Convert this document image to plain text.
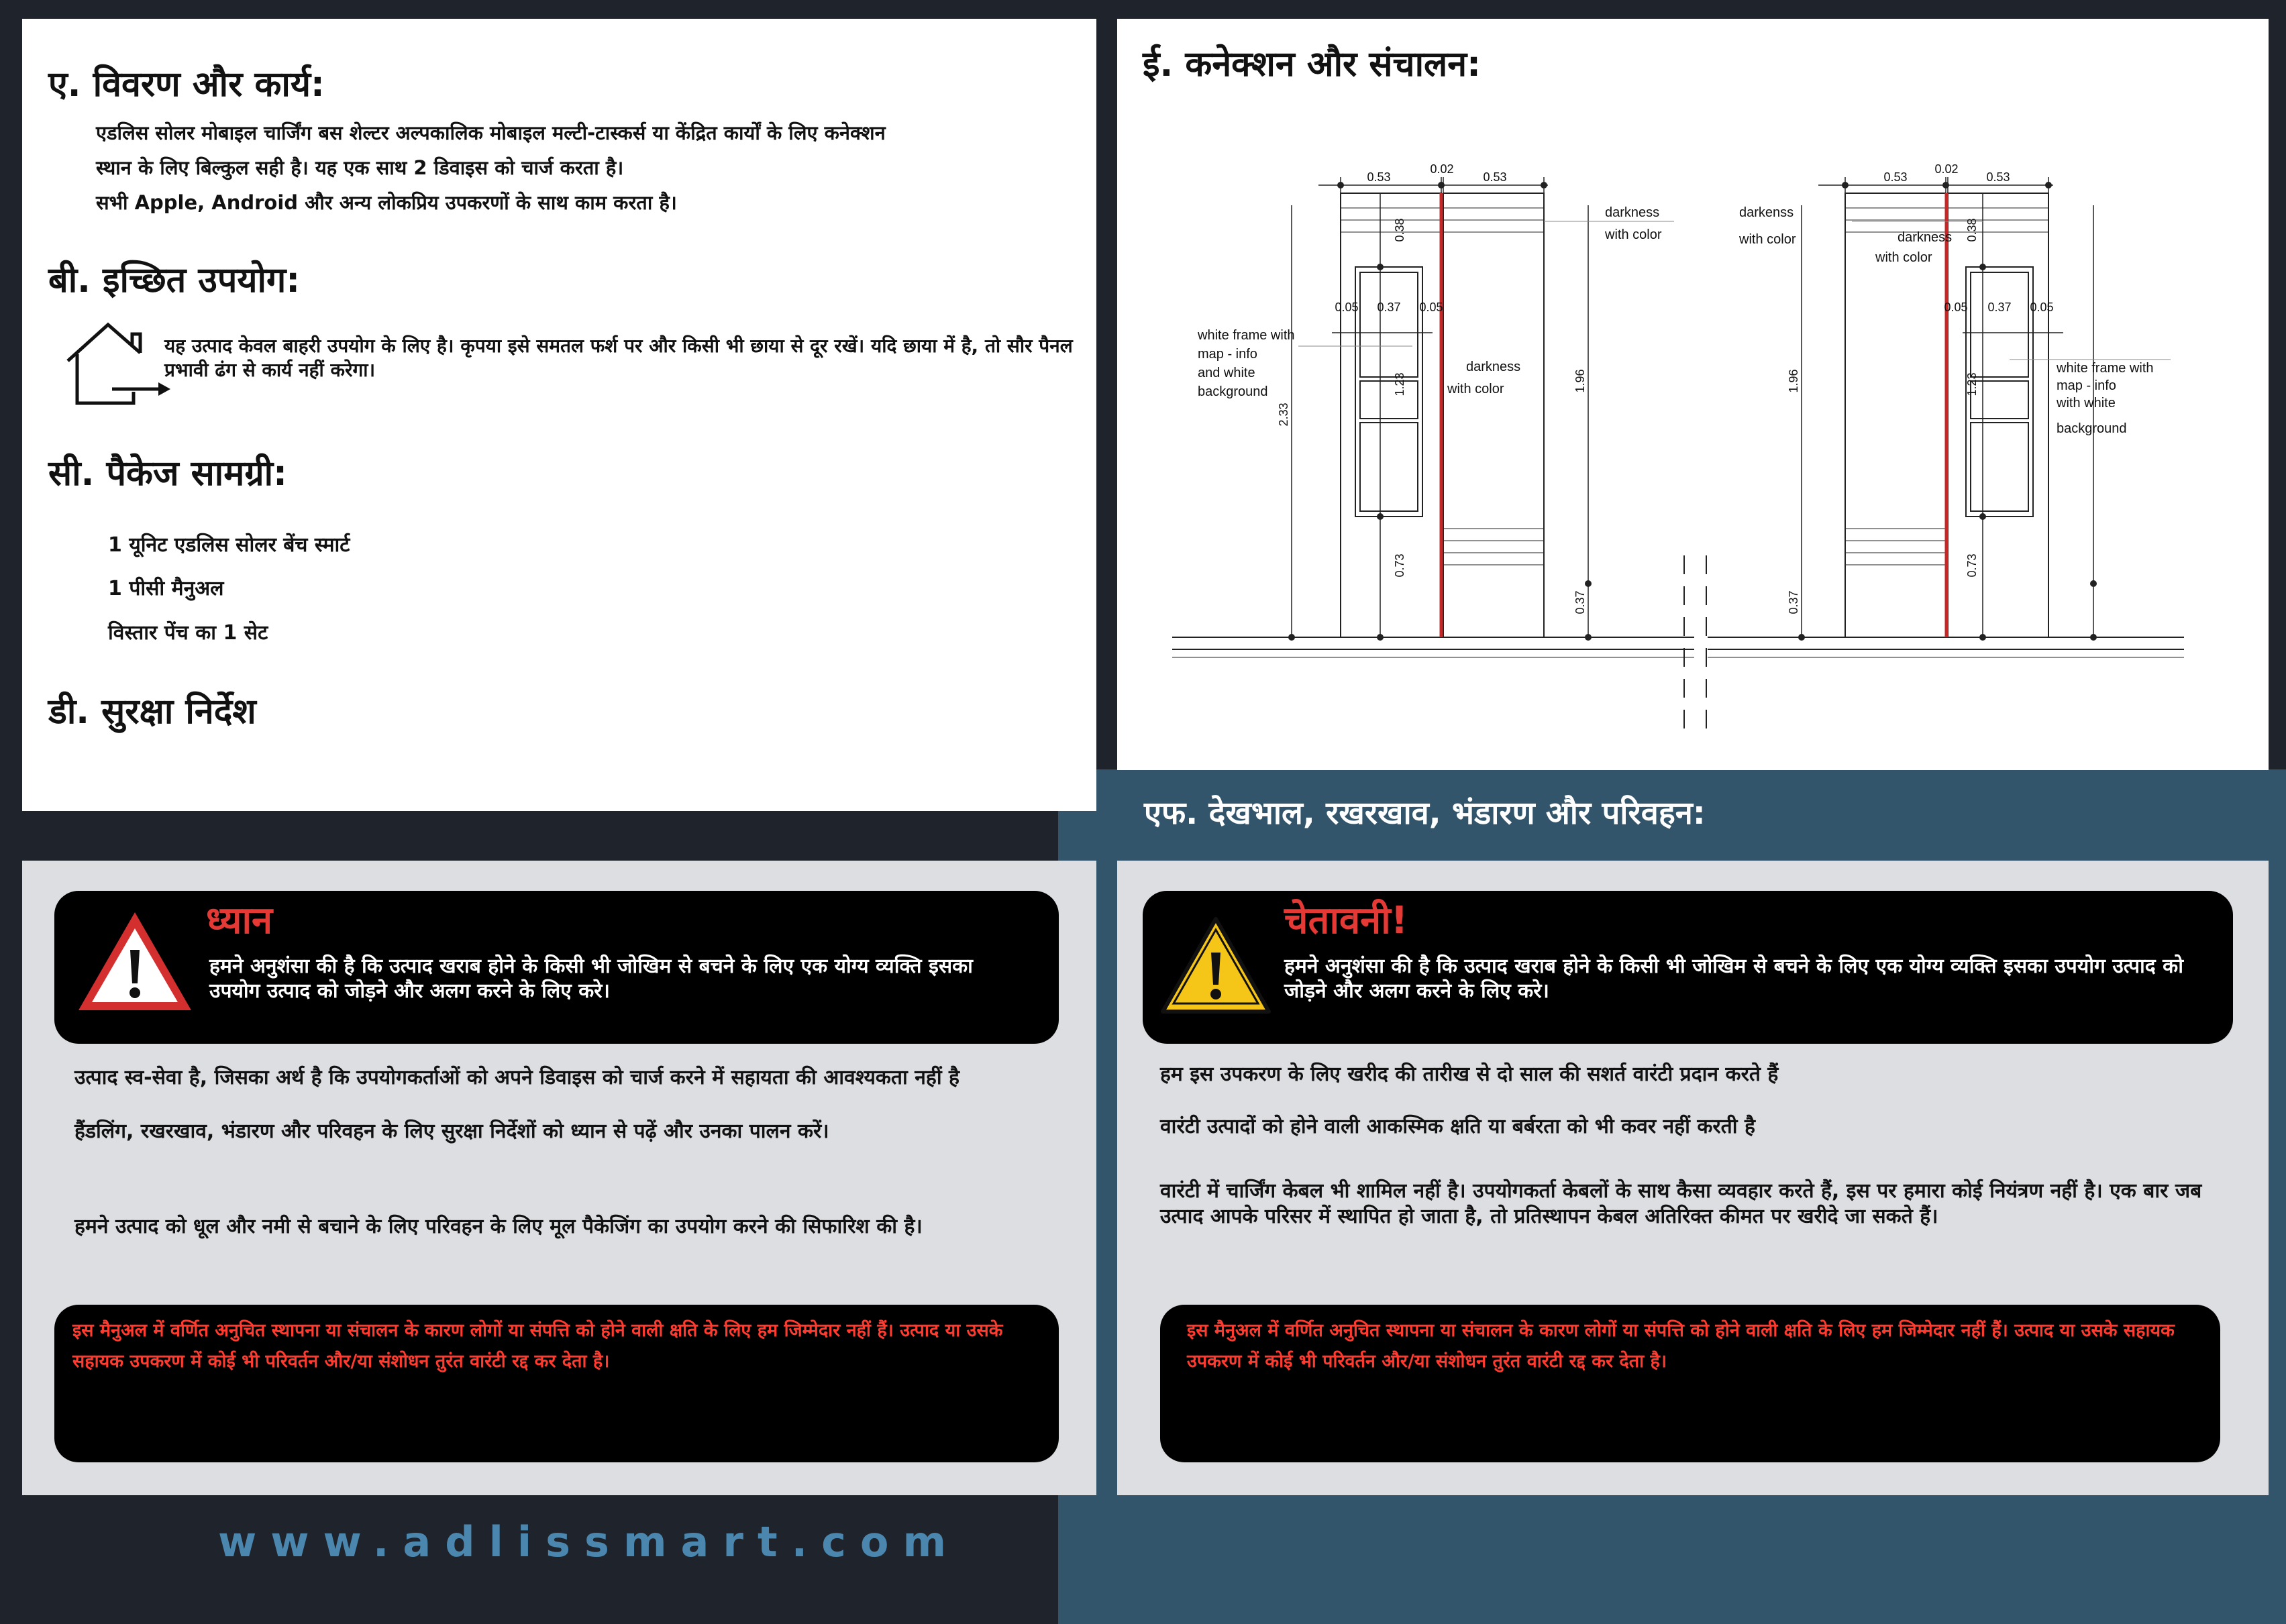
ए. विवरण और कार्य:
एडलिस सोलर मोबाइल चार्जिंग बस शेल्टर अल्पकालिक मोबाइल मल्टी-टास्कर्स या केंद्रित कार्यों के लिए कनेक्शन
स्थान के लिए बिल्कुल सही है। यह एक साथ 2 डिवाइस को चार्ज करता है।
सभी Apple, Android और अन्य लोकप्रिय उपकरणों के साथ काम करता है।
बी. इच्छित उपयोग:
यह उत्पाद केवल बाहरी उपयोग के लिए है। कृपया इसे समतल फर्श पर और किसी भी छाया से दूर रखें। यदि छाया में है, तो सौर पैनल प्रभावी ढंग से कार्य नहीं करेगा।
सी. पैकेज सामग्री:
1 यूनिट एडलिस सोलर बेंच स्मार्ट
1 पीसी मैनुअल
विस्तार पेंच का 1 सेट
डी. सुरक्षा निर्देश
ई. कनेक्शन और संचालन:
0.53
0.02
0.53	0.53
0.02
0.53
0.05 0.37 0.05	0.05 0.37 0.05
0.38
1.23
0.73
2.33
1.96
0.37
1.96
0.37
0.38
1.23
0.73
darkness
with color
darkness
with color
white frame with
map - info
and white
background
darkenss
with color	darkness
with color
white frame with
map - info
with white
background
एफ. देखभाल, रखरखाव, भंडारण और परिवहन:
ध्यान
हमने अनुशंसा की है कि उत्पाद खराब होने के किसी भी जोखिम से बचने के लिए एक योग्य व्यक्ति इसका उपयोग उत्पाद को जोड़ने और अलग करने के लिए करे।
उत्पाद स्व-सेवा है, जिसका अर्थ है कि उपयोगकर्ताओं को अपने डिवाइस को चार्ज करने में सहायता की आवश्यकता नहीं है
हैंडलिंग, रखरखाव, भंडारण और परिवहन के लिए सुरक्षा निर्देशों को ध्यान से पढ़ें और उनका पालन करें।
हमने उत्पाद को धूल और नमी से बचाने के लिए परिवहन के लिए मूल पैकेजिंग का उपयोग करने की सिफारिश की है।
इस मैनुअल में वर्णित अनुचित स्थापना या संचालन के कारण लोगों या संपत्ति को होने वाली क्षति के लिए हम जिम्मेदार नहीं हैं। उत्पाद या उसके सहायक उपकरण में कोई भी परिवर्तन और/या संशोधन तुरंत वारंटी रद्द कर देता है।
चेतावनी!
हमने अनुशंसा की है कि उत्पाद खराब होने के किसी भी जोखिम से बचने के लिए एक योग्य व्यक्ति इसका उपयोग उत्पाद को जोड़ने और अलग करने के लिए करे।
हम इस उपकरण के लिए खरीद की तारीख से दो साल की सशर्त वारंटी प्रदान करते हैं
वारंटी उत्पादों को होने वाली आकस्मिक क्षति या बर्बरता को भी कवर नहीं करती है
वारंटी में चार्जिंग केबल भी शामिल नहीं है। उपयोगकर्ता केबलों के साथ कैसा व्यवहार करते हैं, इस पर हमारा कोई नियंत्रण नहीं है। एक बार जब उत्पाद आपके परिसर में स्थापित हो जाता है, तो प्रतिस्थापन केबल अतिरिक्त कीमत पर खरीदे जा सकते हैं।
इस मैनुअल में वर्णित अनुचित स्थापना या संचालन के कारण लोगों या संपत्ति को होने वाली क्षति के लिए हम जिम्मेदार नहीं हैं। उत्पाद या उसके सहायक उपकरण में कोई भी परिवर्तन और/या संशोधन तुरंत वारंटी रद्द कर देता है।
www.adlissmart.com
